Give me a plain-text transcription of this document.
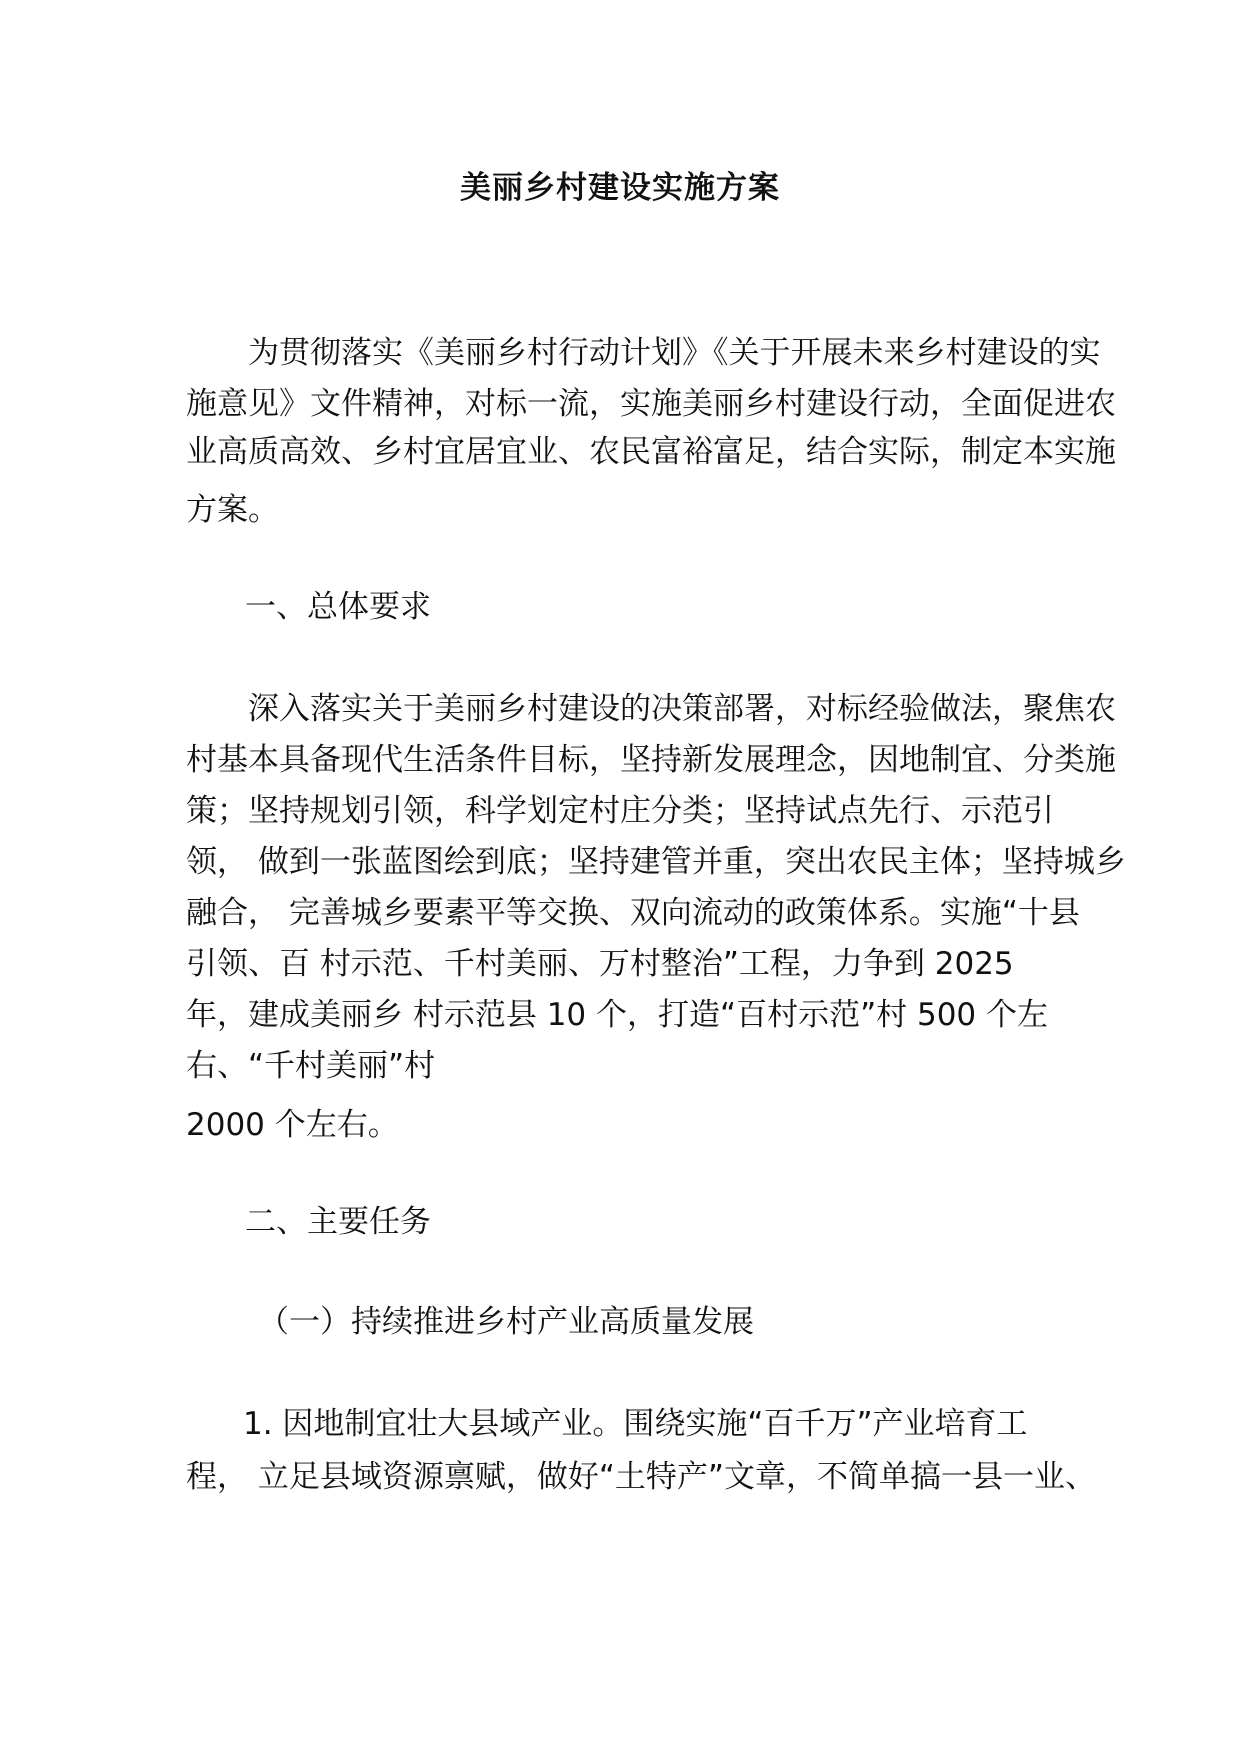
美丽乡村建设实施方案
为贯彻落实《美丽乡村行动计划》《关于开展未来乡村建设的实
施意见》文件精神，对标一流，实施美丽乡村建设行动，全面促进农
业高质高效、乡村宜居宜业、农民富裕富足，结合实际，制定本实施
方案。
一、总体要求
深入落实关于美丽乡村建设的决策部署，对标经验做法，聚焦农
村基本具备现代生活条件目标，坚持新发展理念，因地制宜、分类施
策；坚持规划引领，科学划定村庄分类；坚持试点先行、示范引
领， 做到一张蓝图绘到底；坚持建管并重，突出农民主体；坚持城乡
融合， 完善城乡要素平等交换、双向流动的政策体系。实施“十县
引领、百 村示范、千村美丽、万村整治”工程，力争到 2025
年，建成美丽乡 村示范县 10 个，打造“百村示范”村 500 个左
右、“千村美丽”村
2000 个左右。
二、主要任务
（一）持续推进乡村产业高质量发展
1. 因地制宜壮大县域产业。围绕实施“百千万”产业培育工
程， 立足县域资源禀赋，做好“土特产”文章，不简单搞一县一业、
